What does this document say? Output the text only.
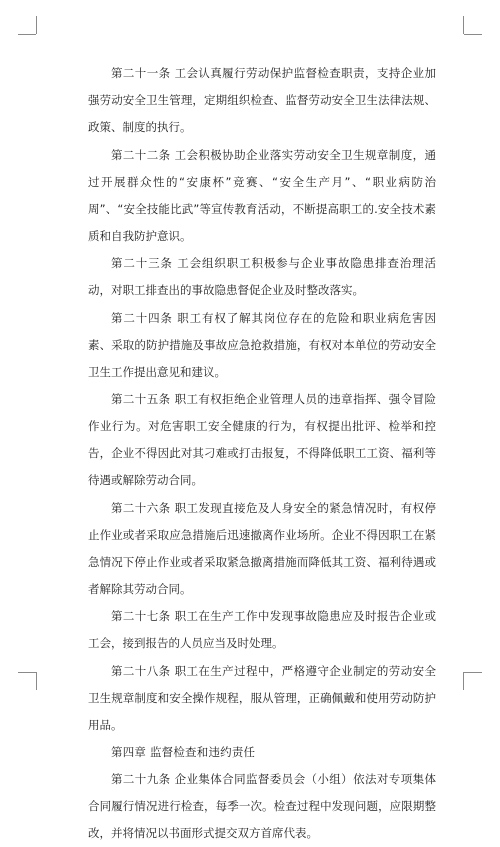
第二十一条 工会认真履行劳动保护监督检查职责，支持企业加强劳动安全卫生管理，定期组织检查、监督劳动安全卫生法律法规、政策、制度的执行。

第二十二条 工会积极协助企业落实劳动安全卫生规章制度，通过开展群众性的“安康杯”竞赛、“安全生产月”、“职业病防治周”、“安全技能比武”等宣传教育活动，不断提高职工的.安全技术素质和自我防护意识。

第二十三条 工会组织职工积极参与企业事故隐患排查治理活动，对职工排查出的事故隐患督促企业及时整改落实。

第二十四条 职工有权了解其岗位存在的危险和职业病危害因素、采取的防护措施及事故应急抢救措施，有权对本单位的劳动安全卫生工作提出意见和建议。

第二十五条 职工有权拒绝企业管理人员的违章指挥、强令冒险作业行为。对危害职工安全健康的行为，有权提出批评、检举和控告，企业不得因此对其刁难或打击报复，不得降低职工工资、福利等待遇或解除劳动合同。

第二十六条 职工发现直接危及人身安全的紧急情况时，有权停止作业或者采取应急措施后迅速撤离作业场所。企业不得因职工在紧急情况下停止作业或者采取紧急撤离措施而降低其工资、福利待遇或者解除其劳动合同。

第二十七条 职工在生产工作中发现事故隐患应及时报告企业或工会，接到报告的人员应当及时处理。

第二十八条 职工在生产过程中，严格遵守企业制定的劳动安全卫生规章制度和安全操作规程，服从管理，正确佩戴和使用劳动防护用品。

第四章 监督检查和违约责任

第二十九条 企业集体合同监督委员会（小组）依法对专项集体合同履行情况进行检查，每季一次。检查过程中发现问题，应限期整改，并将情况以书面形式提交双方首席代表。
